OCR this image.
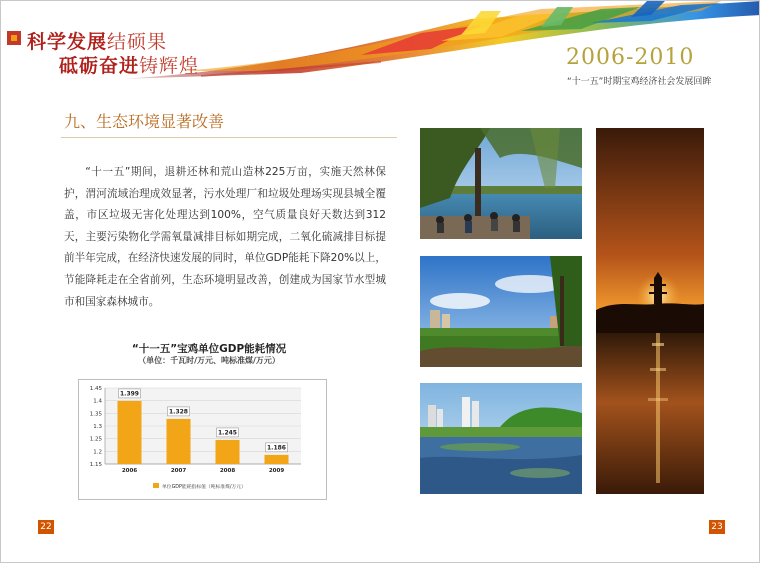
科学发展结硕果
砥砺奋进铸辉煌	2006-2010
“十一五”时期宝鸡经济社会发展回眸
九、生态环境显著改善
“十一五”期间，退耕还林和荒山造林225万亩，实施天然林保护，渭河流域治理成效显著，污水处理厂和垃圾处理场实现县城全覆盖，市区垃圾无害化处理达到100%，空气质量良好天数达到312天，主要污染物化学需氧量减排目标如期完成，二氧化硫减排目标提前半年完成，在经济快速发展的同时，单位GDP能耗下降20%以上，节能降耗走在全省前列，生态环境明显改善，创建成为国家节水型城市和国家森林城市。
“十一五”宝鸡单位GDP能耗情况
（单位：千瓦时/万元、吨标准煤/万元）
1.45
1.4
1.35
1.3
1.25
1.2
1.15
1.399
2006
1.328
2007
1.245
2008
1.186
2009
单位GDP能耗指标值（吨标准煤/万元）
22	23
